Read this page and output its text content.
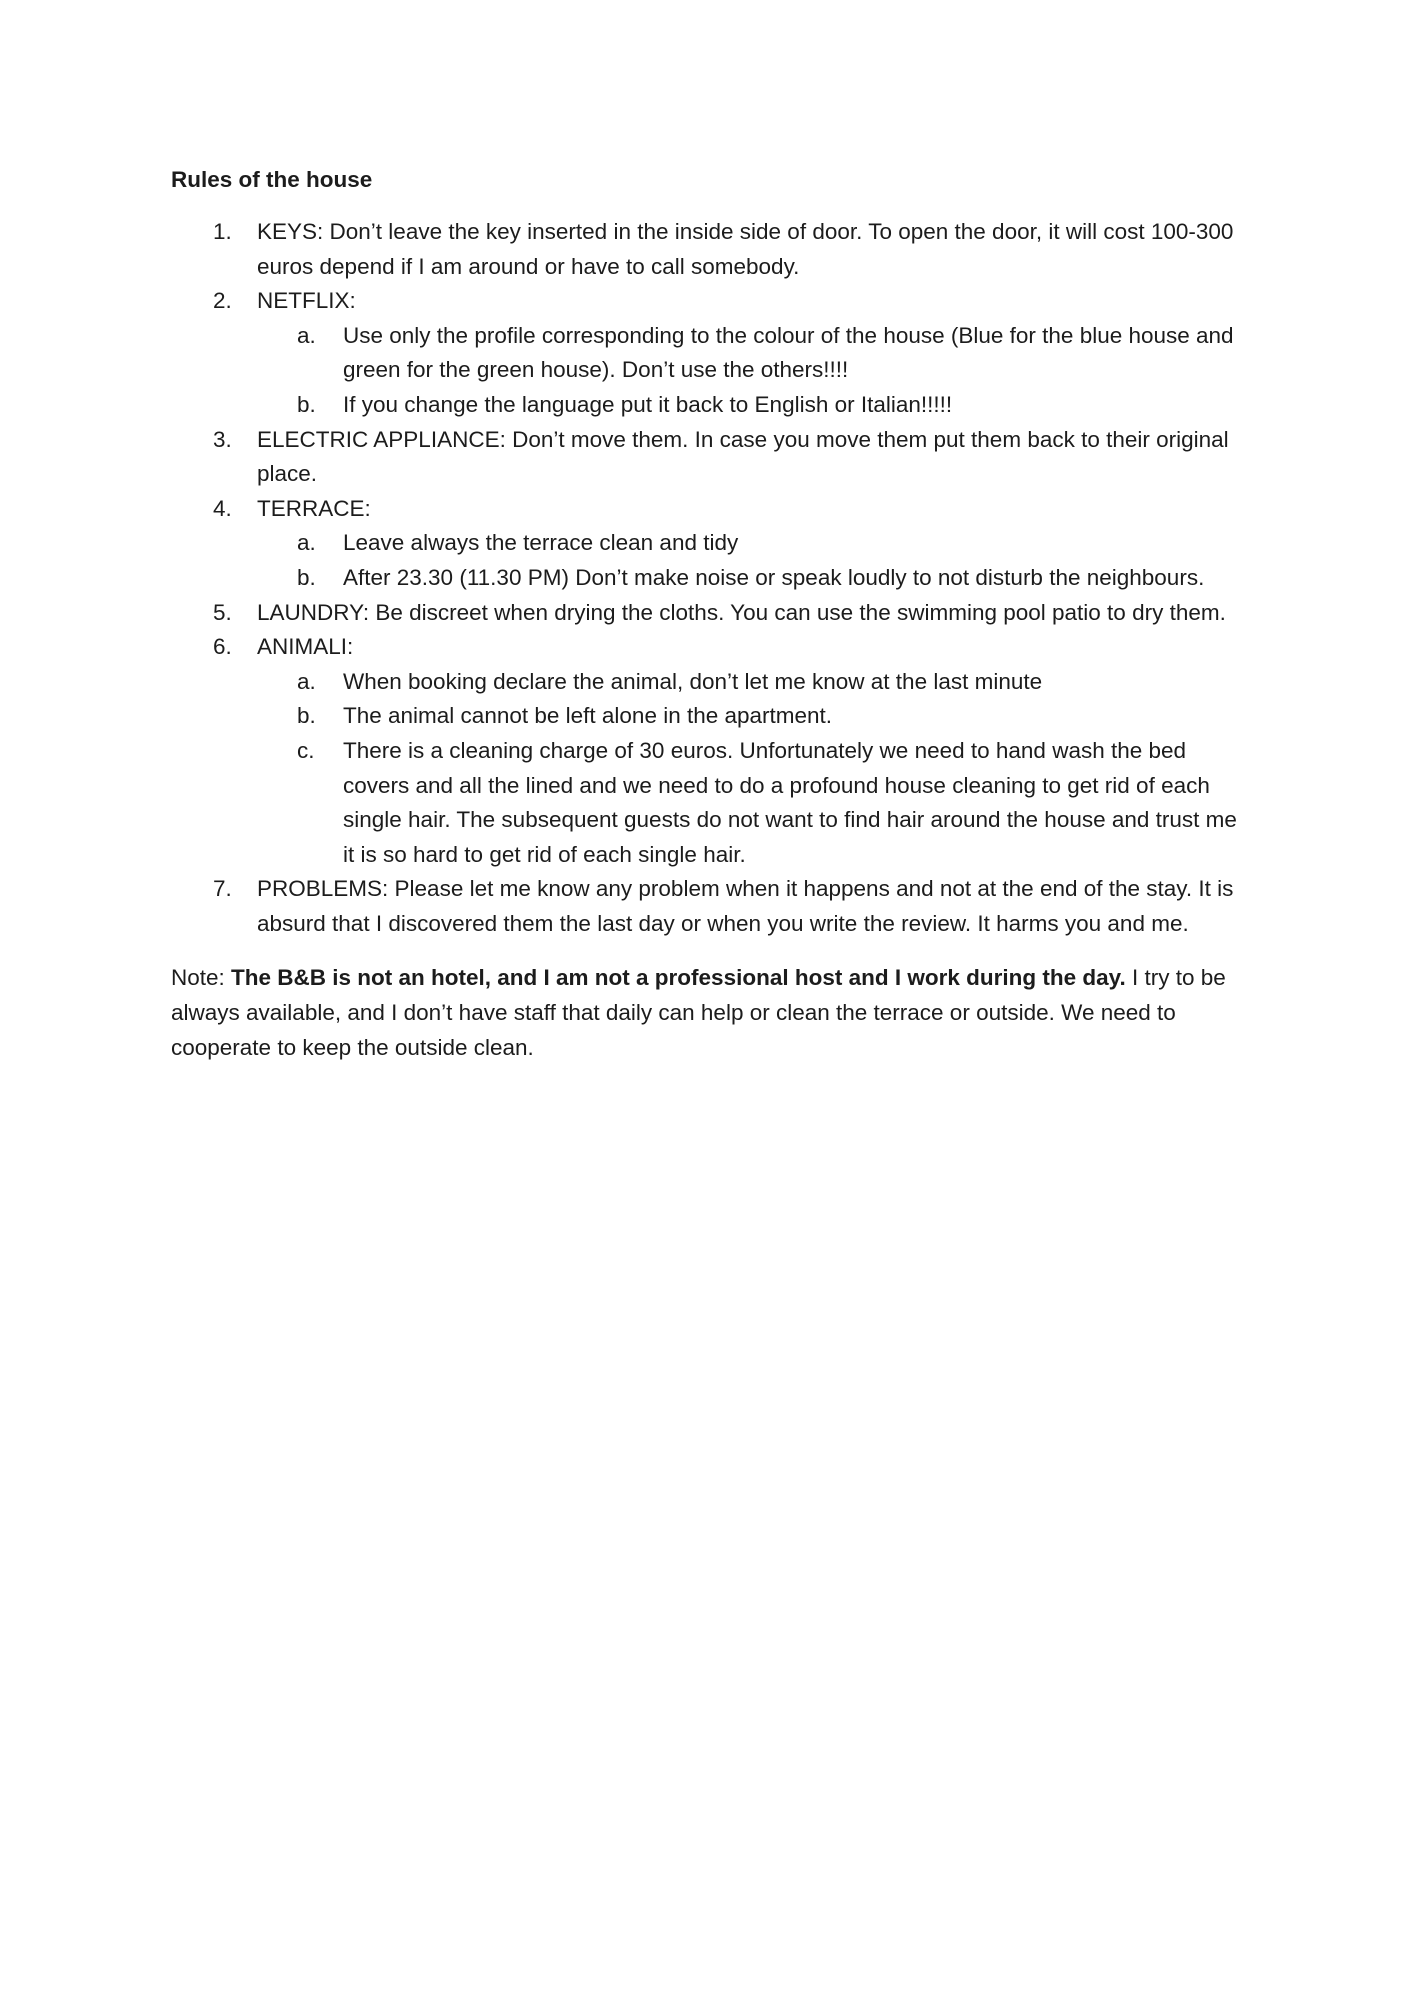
Rules of the house
1. KEYS: Don’t leave the key inserted in the inside side of door. To open the door, it will cost 100-300 euros depend if I am around or have to call somebody.
2. NETFLIX:
a. Use only the profile corresponding to the colour of the house (Blue for the blue house and green for the green house). Don’t use the others!!!!
b. If you change the language put it back to English or Italian!!!!!
3. ELECTRIC APPLIANCE: Don’t move them. In case you move them put them back to their original place.
4. TERRACE:
a. Leave always the terrace clean and tidy
b. After 23.30 (11.30 PM) Don’t make noise or speak loudly to not disturb the neighbours.
5. LAUNDRY: Be discreet when drying the cloths. You can use the swimming pool patio to dry them.
6. ANIMALI:
a. When booking declare the animal, don’t let me know at the last minute
b. The animal cannot be left alone in the apartment.
c. There is a cleaning charge of 30 euros. Unfortunately we need to hand wash the bed covers and all the lined and we need to do a profound house cleaning to get rid of each single hair. The subsequent guests do not want to find hair around the house and trust me it is so hard to get rid of each single hair.
7. PROBLEMS: Please let me know any problem when it happens and not at the end of the stay. It is absurd that I discovered them the last day or when you write the review. It harms you and me.

Note: The B&B is not an hotel, and I am not a professional host and I work during the day. I try to be always available, and I don’t have staff that daily can help or clean the terrace or outside. We need to cooperate to keep the outside clean.
